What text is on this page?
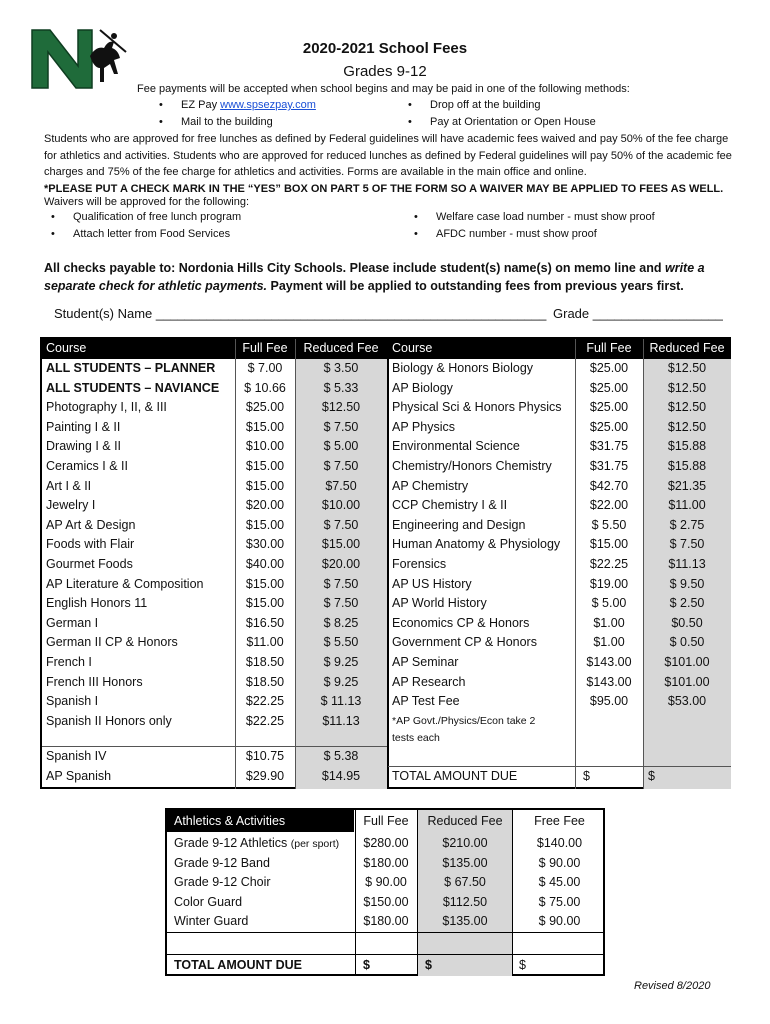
2020-2021 School Fees
Grades 9-12
Fee payments will be accepted when school begins and may be paid in one of the following methods:
• EZ Pay www.spsezpay.com
• Mail to the building
• Drop off at the building
• Pay at Orientation or Open House
Students who are approved for free lunches as defined by Federal guidelines will have academic fees waived and pay 50% of the fee charge for athletics and activities. Students who are approved for reduced lunches as defined by Federal guidelines will pay 50% of the academic fee charges and 75% of the fee charge for athletics and activities. Forms are available in the main office and online.
*PLEASE PUT A CHECK MARK IN THE “YES” BOX ON PART 5 OF THE FORM SO A WAIVER MAY BE APPLIED TO FEES AS WELL.
Waivers will be approved for the following:
• Qualification of free lunch program
• Attach letter from Food Services
• Welfare case load number - must show proof
• AFDC number - must show proof
All checks payable to: Nordonia Hills City Schools. Please include student(s) name(s) on memo line and write a separate check for athletic payments. Payment will be applied to outstanding fees from previous years first.
Student(s) Name ______________________________________________________ Grade __________________
Course	Full Fee	Reduced Fee	Course	Full Fee	Reduced Fee
ALL STUDENTS – PLANNER	$ 7.00	$ 3.50
ALL STUDENTS – NAVIANCE	$ 10.66	$ 5.33
Photography I, II, & III	$25.00	$12.50
Painting I & II	$15.00	$ 7.50
Drawing I & II	$10.00	$ 5.00
Ceramics I & II	$15.00	$ 7.50
Art I & II	$15.00	$7.50
Jewelry I	$20.00	$10.00
AP Art & Design	$15.00	$ 7.50
Foods with Flair	$30.00	$15.00
Gourmet Foods	$40.00	$20.00
AP Literature & Composition	$15.00	$ 7.50
English Honors 11	$15.00	$ 7.50
German I	$16.50	$ 8.25
German II CP & Honors	$11.00	$ 5.50
French I	$18.50	$ 9.25
French III Honors	$18.50	$ 9.25
Spanish I	$22.25	$ 11.13
Spanish II Honors only	$22.25	$11.13
Spanish IV	$10.75	$ 5.38
AP Spanish	$29.90	$14.95
Biology & Honors Biology	$25.00	$12.50
AP Biology	$25.00	$12.50
Physical Sci & Honors Physics	$25.00	$12.50
AP Physics	$25.00	$12.50
Environmental Science	$31.75	$15.88
Chemistry/Honors Chemistry	$31.75	$15.88
AP Chemistry	$42.70	$21.35
CCP Chemistry I & II	$22.00	$11.00
Engineering and Design	$ 5.50	$ 2.75
Human Anatomy & Physiology	$15.00	$ 7.50
Forensics	$22.25	$11.13
AP US History	$19.00	$ 9.50
AP World History	$ 5.00	$ 2.50
Economics CP & Honors	$1.00	$0.50
Government CP & Honors	$1.00	$ 0.50
AP Seminar	$143.00	$101.00
AP Research	$143.00	$101.00
AP Test Fee	$95.00	$53.00
*AP Govt./Physics/Econ take 2
tests each
TOTAL AMOUNT DUE	$	$
Athletics & Activities	Full Fee	Reduced Fee	Free Fee
Grade 9-12 Athletics (per sport)	$280.00	$210.00	$140.00
Grade 9-12 Band	$180.00	$135.00	$ 90.00
Grade 9-12 Choir	$ 90.00	$ 67.50	$ 45.00
Color Guard	$150.00	$112.50	$ 75.00
Winter Guard	$180.00	$135.00	$ 90.00
TOTAL AMOUNT DUE	$	$	$
Revised 8/2020
